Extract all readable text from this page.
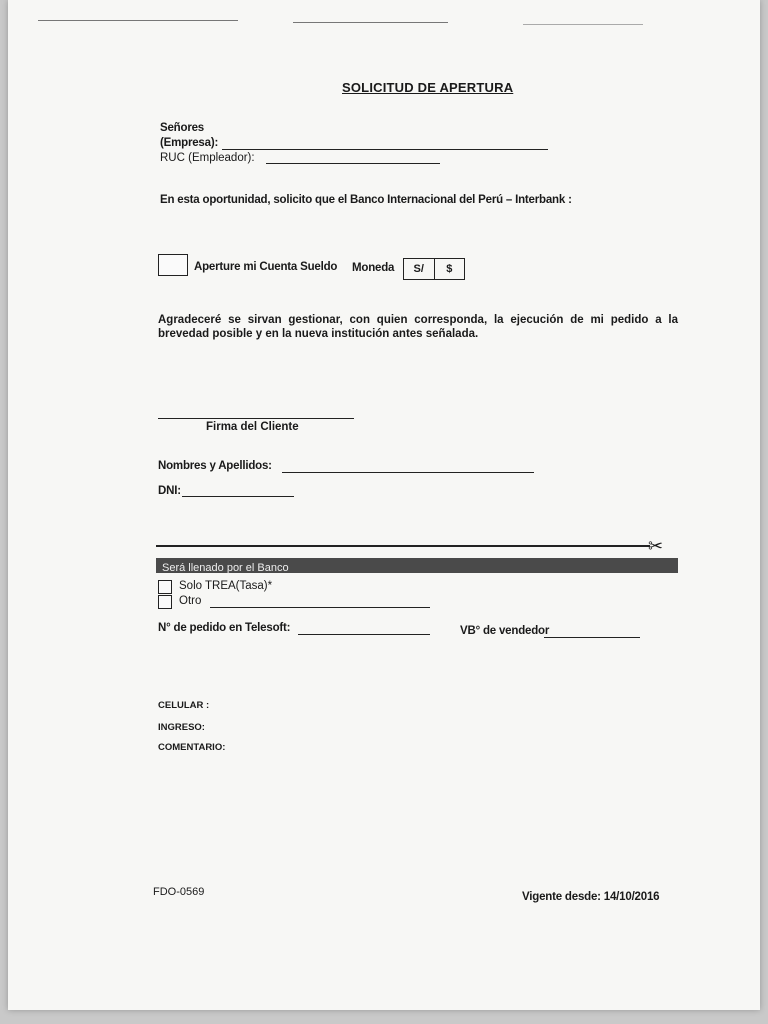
SOLICITUD DE APERTURA
Señores
(Empresa):
RUC (Empleador):
En esta oportunidad, solicito que el Banco Internacional del Perú – Interbank :
Aperture mi Cuenta Sueldo Moneda	S/	$
Agradeceré se sirvan gestionar, con quien corresponda, la ejecución de mi pedido a la brevedad posible y en la nueva institución antes señalada.
Firma del Cliente
Nombres y Apellidos:
DNI:
✂
Será llenado por el Banco
Solo TREA(Tasa)*
Otro
N° de pedido en Telesoft:	VB° de vendedor
CELULAR :
INGRESO:
COMENTARIO:
FDO-0569	Vigente desde: 14/10/2016
